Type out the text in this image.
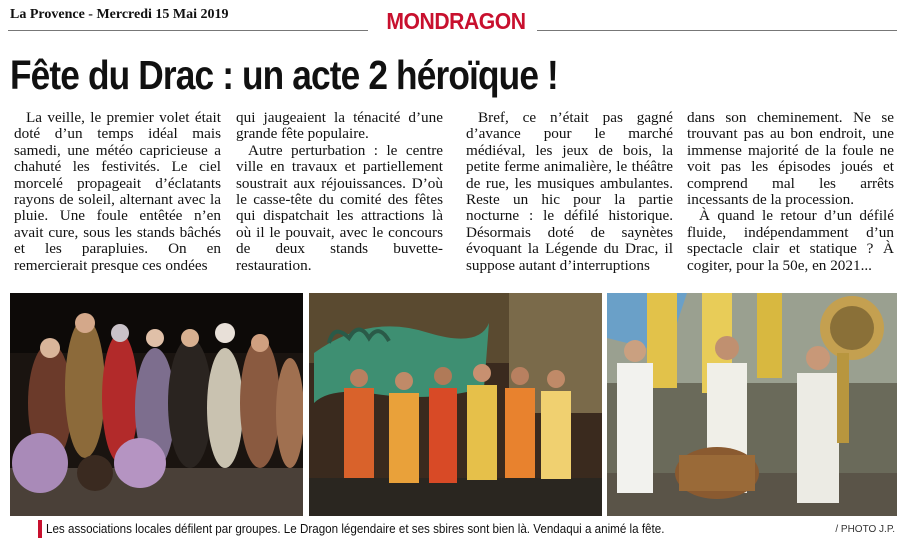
La Provence - Mercredi 15 Mai 2019	MONDRAGON
Fête du Drac : un acte 2 héroïque !

La veille, le premier volet était doté d’un temps idéal mais samedi, une météo capricieuse a chahuté les festivités. Le ciel morcelé propageait d’éclatants rayons de soleil, alternant avec la pluie. Une foule entêtée n’en avait cure, sous les stands bâchés et les parapluies. On en remercierait presque ces ondées

qui jaugeaient la ténacité d’une grande fête populaire.

Autre perturbation : le centre ville en travaux et partiellement soustrait aux réjouissances. D’où le casse-tête du comité des fêtes qui dispatchait les attractions là où il le pouvait, avec le concours de deux stands buvette-restauration.

Bref, ce n’était pas gagné d’avance pour le marché médiéval, les jeux de bois, la petite ferme animalière, le théâtre de rue, les musiques ambulantes. Reste un hic pour la partie nocturne : le défilé historique. Désormais doté de saynètes évoquant la Légende du Drac, il suppose autant d’interruptions

dans son cheminement. Ne se trouvant pas au bon endroit, une immense majorité de la foule ne voit pas les épisodes joués et comprend mal les arrêts incessants de la procession.

À quand le retour d’un défilé fluide, indépendamment d’un spectacle clair et statique ? À cogiter, pour la 50e, en 2021...

Les associations locales défilent par groupes. Le Dragon légendaire et ses sbires sont bien là. Vendaqui a animé la fête.	/ PHOTO J.P.
